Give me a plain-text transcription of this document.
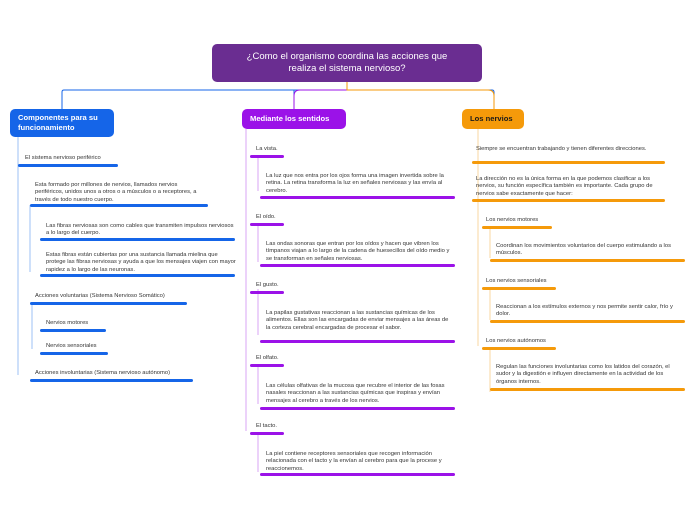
¿Como el organismo coordina las acciones que realiza el sistema nervioso?
Componentes para su funcionamiento
Mediante los sentidos	Los nervios
El sistema nervioso periférico
Esta formado por millones de nervios, llamados nervios periféricos, unidos unos a otros o a músculos o a receptores, a través de todo nuestro cuerpo.
Las fibras nerviosas son como cables que transmiten impulsos nerviosos a lo largo del cuerpo.
Estas fibras están cubiertas por una sustancia llamada mielina que protege las fibras nerviosas y ayuda a que los mensajes viajen con mayor rapidez a lo largo de las neuronas.
Acciones voluntarias (Sistema Nervioso Somático)
Nervios motores
Nervios sensoriales
Acciones involuntarias (Sistema nervioso autónomo)
La vista.
La luz que nos entra por los ojos forma una imagen invertida sobre la retina. La retina transforma la luz en señales nerviosas y las envía al cerebro.
El oído.
Las ondas sonoras que entran por los oídos y hacen que vibren los tímpanos viajan a lo largo de la cadena de huesecillos del oído medio y se transforman en señales nerviosas.
El gusto.
La papilas gustativas reaccionan a las sustancias químicas de los alimentos. Ellas son las encargadas de enviar mensajes a las áreas de la corteza cerebral encargadas de procesar el sabor.
El olfato.
Las células olfativas de la mucosa que recubre el interior de las fosas nasales reaccionan a las sustancias químicas que inspiras y envían mensajes al cerebro a través de los nervios.
El tacto.
La piel contiene receptores sensoriales que recogen información relacionada con el tacto y la envían al cerebro para que la procese y reaccionemos.
Siempre se encuentran trabajando y tienen diferentes direcciones.
La dirección no es la única forma en la que podemos clasificar a los nervios, su función específica también es importante. Cada grupo de nervios sabe exactamente que hacer:
Los nervios motores
Coordinan los movimientos voluntarios del cuerpo estimulando a los músculos.
Los nervios sensoriales
Reaccionan a los estímulos externos y nos permite sentir calor, frío y dolor.
Los nervios autónomos
Regulan las funciones involuntarias como los latidos del corazón, el sudor y la digestión e influyen directamente en la actividad de los órganos internos.
